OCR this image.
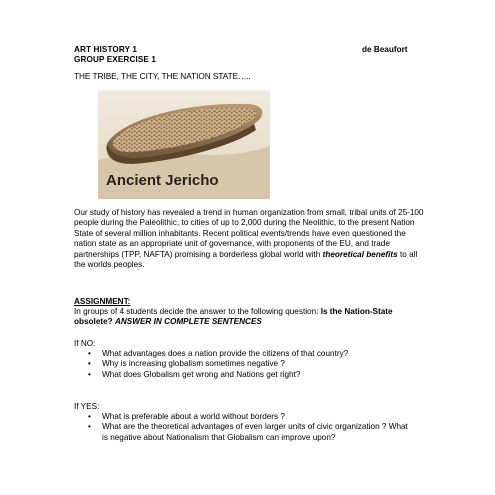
ART HISTORY 1	de Beaufort
GROUP EXERCISE 1
THE TRIBE, THE CITY, THE NATION STATE…..
Ancient Jericho
Our study of history has revealed a trend in human organization from small, tribal units of 25-100 people during the Paleolithic, to cities of up to 2,000 during the Neolithic, to the present Nation State of several million inhabitants. Recent political events/trends have even questioned the nation state as an appropriate unit of governance, with proponents of the EU, and trade partnerships (TPP, NAFTA) promising a borderless global world with theoretical benefits to all the worlds peoples.
ASSIGNMENT:
In groups of 4 students decide the answer to the following question: Is the Nation-State obsolete? ANSWER IN COMPLETE SENTENCES
If NO:
• What advantages does a nation provide the citizens of that country?
• Why is increasing globalism sometimes negative ?
• What does Globalism get wrong and Nations get right?
If YES:
• What is preferable about a world without borders ?
• What are the theoretical advantages of even larger units of civic organization ? What is negative about Nationalism that Globalism can improve upon?
